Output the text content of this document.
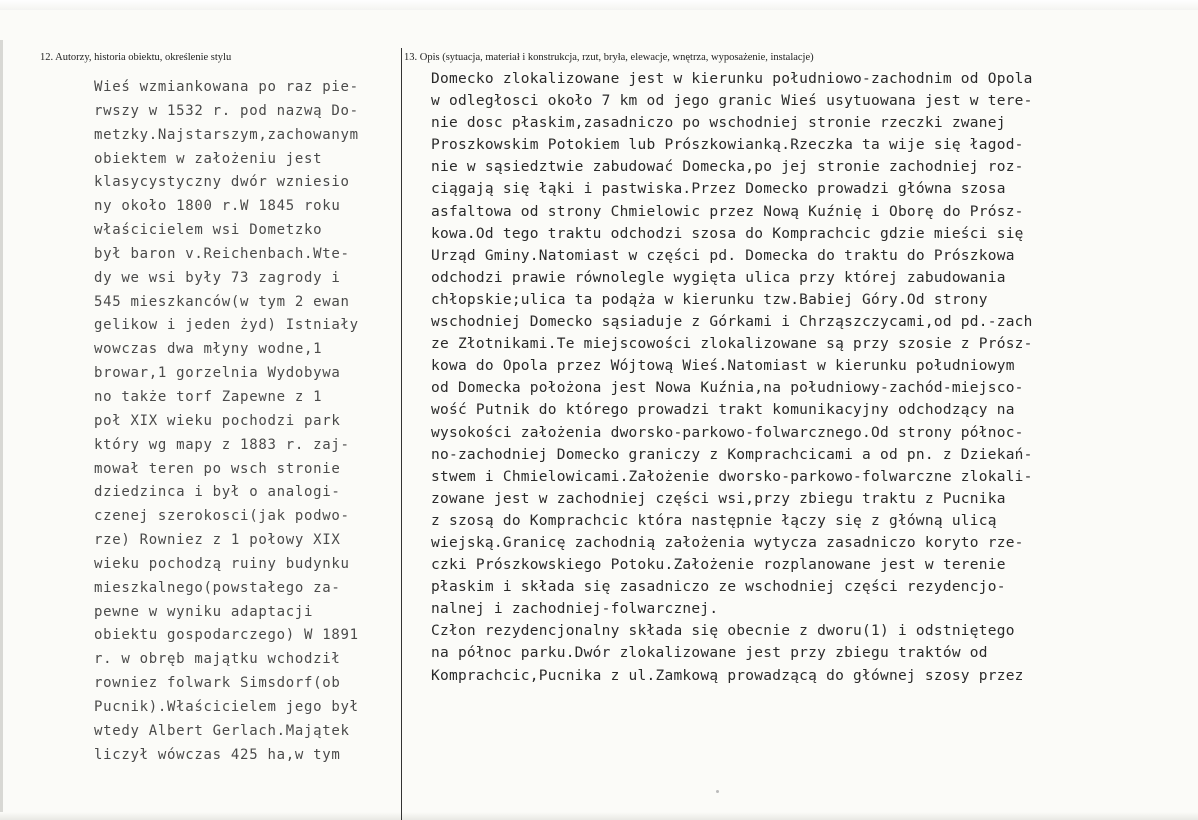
12. Autorzy, historia obiektu, określenie stylu	13. Opis (sytuacja, materiał i konstrukcja, rzut, bryła, elewacje, wnętrza, wyposażenie, instalacje)

Wieś wzmiankowana po raz pie-
rwszy w 1532 r. pod nazwą Do-
metzky.Najstarszym,zachowanym
obiektem w założeniu jest
klasycystyczny dwór wzniesio
ny około 1800 r.W 1845 roku
właścicielem wsi Dometzko
był baron v.Reichenbach.Wte-
dy we wsi były 73 zagrody i
545 mieszkanców(w tym 2 ewan
gelikow i jeden żyd) Istniały
wowczas dwa młyny wodne,1
browar,1 gorzelnia Wydobywa
no także torf Zapewne z 1
poł XIX wieku pochodzi park
który wg mapy z 1883 r. zaj-
mował teren po wsch stronie
dziedzinca i był o analogi-
czenej szerokosci(jak podwo-
rze) Rowniez z 1 połowy XIX
wieku pochodzą ruiny budynku
mieszkalnego(powstałego za-
pewne w wyniku adaptacji
obiektu gospodarczego) W 1891
r. w obręb majątku wchodził
rowniez folwark Simsdorf(ob
Pucnik).Właścicielem jego był
wtedy Albert Gerlach.Majątek
liczył wówczas 425 ha,w tym
Domecko zlokalizowane jest w kierunku południowo-zachodnim od Opola
w odległosci około 7 km od jego granic Wieś usytuowana jest w tere-
nie dosc płaskim,zasadniczo po wschodniej stronie rzeczki zwanej
Proszkowskim Potokiem lub Prószkowianką.Rzeczka ta wije się łagod-
nie w sąsiedztwie zabudować Domecka,po jej stronie zachodniej roz-
ciągają się łąki i pastwiska.Przez Domecko prowadzi główna szosa
asfaltowa od strony Chmielowic przez Nową Kuźnię i Oborę do Prósz-
kowa.Od tego traktu odchodzi szosa do Komprachcic gdzie mieści się
Urząd Gminy.Natomiast w części pd. Domecka do traktu do Prószkowa
odchodzi prawie równolegle wygięta ulica przy której zabudowania
chłopskie;ulica ta podąża w kierunku tzw.Babiej Góry.Od strony
wschodniej Domecko sąsiaduje z Górkami i Chrząszczycami,od pd.-zach
ze Złotnikami.Te miejscowości zlokalizowane są przy szosie z Prósz-
kowa do Opola przez Wójtową Wieś.Natomiast w kierunku południowym
od Domecka położona jest Nowa Kuźnia,na południowy-zachód-miejsco-
wość Putnik do którego prowadzi trakt komunikacyjny odchodzący na
wysokości założenia dworsko-parkowo-folwarcznego.Od strony północ-
no-zachodniej Domecko graniczy z Komprachcicami a od pn. z Dziekań-
stwem i Chmielowicami.Założenie dworsko-parkowo-folwarczne zlokali-
zowane jest w zachodniej części wsi,przy zbiegu traktu z Pucnika
z szosą do Komprachcic która następnie łączy się z główną ulicą
wiejską.Granicę zachodnią założenia wytycza zasadniczo koryto rze-
czki Prószkowskiego Potoku.Założenie rozplanowane jest w terenie
płaskim i składa się zasadniczo ze wschodniej części rezydencjo-
nalnej i zachodniej-folwarcznej.
Człon rezydencjonalny składa się obecnie z dworu(1) i odstniętego
na północ parku.Dwór zlokalizowane jest przy zbiegu traktów od
Komprachcic,Pucnika z ul.Zamkową prowadzącą do głównej szosy przez
